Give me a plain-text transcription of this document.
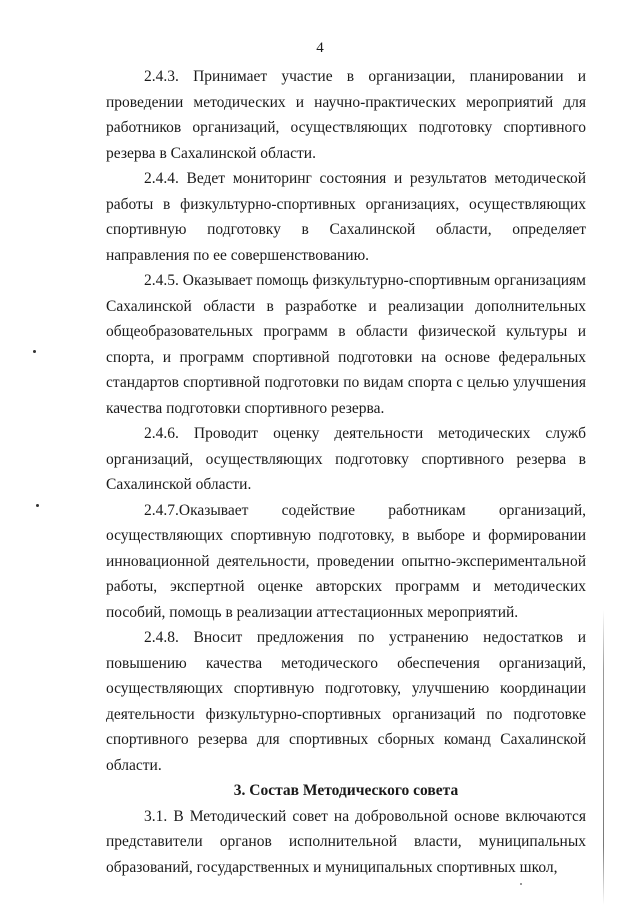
4

2.4.3. Принимает участие в организации, планировании и проведении методических и научно-практических мероприятий для работников организаций, осуществляющих подготовку спортивного резерва в Сахалинской области.

2.4.4. Ведет мониторинг состояния и результатов методической работы в физкультурно-спортивных организациях, осуществляющих спортивную подготовку в Сахалинской области, определяет направления по ее совершенствованию.

2.4.5. Оказывает помощь физкультурно-спортивным организациям Сахалинской области в разработке и реализации дополнительных общеобразовательных программ в области физической культуры и спорта, и программ спортивной подготовки на основе федеральных стандартов спортивной подготовки по видам спорта с целью улучшения качества подготовки спортивного резерва.

2.4.6. Проводит оценку деятельности методических служб организаций, осуществляющих подготовку спортивного резерва в Сахалинской области.

2.4.7.Оказывает содействие работникам организаций, осуществляющих спортивную подготовку, в выборе и формировании инновационной деятельности, проведении опытно-экспериментальной работы, экспертной оценке авторских программ и методических пособий, помощь в реализации аттестационных мероприятий.

2.4.8. Вносит предложения по устранению недостатков и повышению качества методического обеспечения организаций, осуществляющих спортивную подготовку, улучшению координации деятельности физкультурно-спортивных организаций по подготовке спортивного резерва для спортивных сборных команд Сахалинской области.

3. Состав Методического совета

3.1. В Методический совет на добровольной основе включаются представители органов исполнительной власти, муниципальных образований, государственных и муниципальных спортивных школ,
